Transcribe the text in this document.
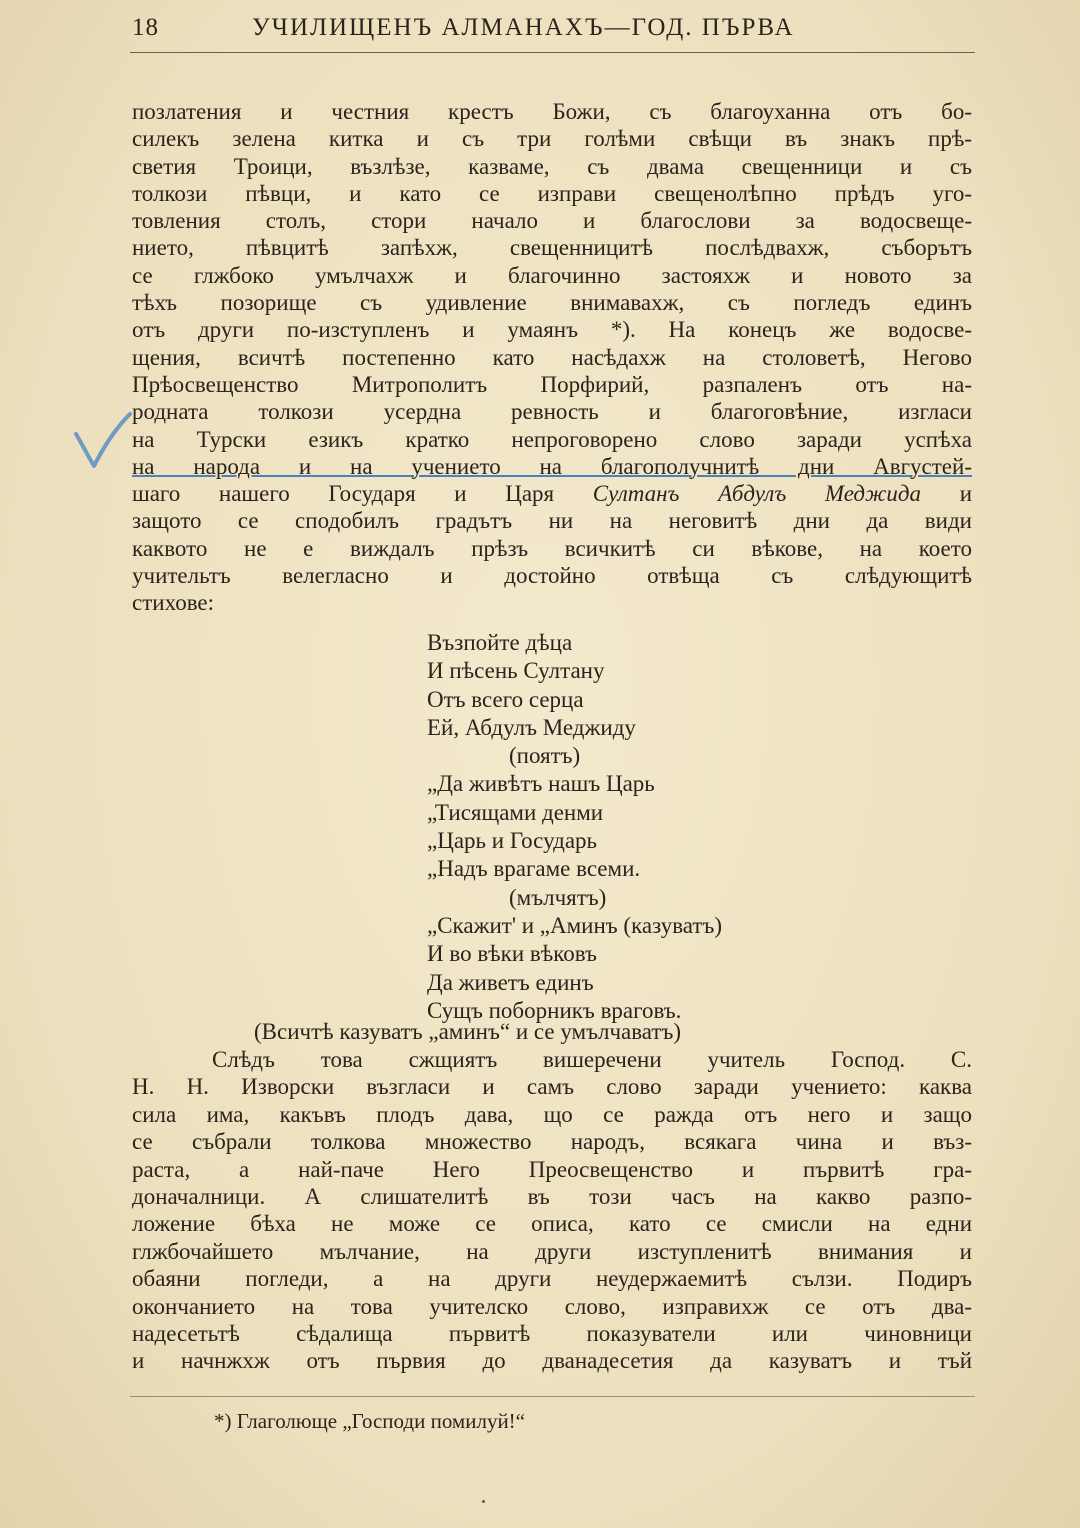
18	УЧИЛИЩЕНЪ АЛМАНАХЪ—ГОД. ПЪРВА
позлатения и честния крестъ Божи, съ благоуханна отъ бо-
силекъ зелена китка и съ три голѣми свѣщи въ знакъ прѣ-
светия Троици, възлѣзе, казваме, съ двама свещенници и съ
толкози пѣвци, и като се изправи свещенолѣпно прѣдъ уго-
товления столъ, стори начало и благослови за водосвеще-
нието, пѣвцитѣ запѣхж, свещенницитѣ послѣдвахж, съборътъ
се глжбоко умълчахж и благочинно застояхж и новото за
тѣхъ позорище съ удивление внимавахж, съ погледъ единъ
отъ други по-изступленъ и умаянъ *). На конецъ же водосве-
щения, всичтѣ постепенно като насѣдахж на столоветѣ, Негово
Прѣосвещенство Митрополитъ Порфирий, разпаленъ отъ на-
родната толкози усердна ревность и благоговѣние, изгласи
на Турски езикъ кратко непроговорено слово заради успѣха
на народа и на учението на благополучнитѣ дни Августей-
шаго нашего Государя и Царя Султанъ Абдулъ Меджида и
защото се сподобилъ градътъ ни на неговитѣ дни да види
каквото не е виждалъ прѣзъ всичкитѣ си вѣкове, на което
учительтъ велегласно и достойно отвѣща съ слѣдующитѣ
стихове:
Възпойте дѣца
И пѣсень Султану
Отъ всего серца
Ей, Абдулъ Меджиду
(поятъ)
„Да живѣтъ нашъ Царь
„Тисящами денми
„Царь и Государь
„Надъ врагаме всеми.
(мълчятъ)
„Скажит' и „Аминъ (казуватъ)
И во вѣки вѣковъ
Да живетъ единъ
Сущъ поборникъ враговъ.
(Всичтѣ казуватъ „аминъ“ и се умълчаватъ)
Слѣдъ това сжщиятъ вишеречени учитель Господ. С.
Н. Н. Изворски възгласи и самъ слово заради учението: каква
сила има, какъвъ плодъ дава, що се ражда отъ него и защо
се събрали толкова множество народъ, всякага чина и въз-
раста, а най-паче Него Преосвещенство и първитѣ гра-
доначалници. А слишателитѣ въ този часъ на какво разпо-
ложение бѣха не може се описа, като се смисли на едни
глжбочайшето мълчание, на други изступленитѣ внимания и
обаяни погледи, а на други неудержаемитѣ сълзи. Подиръ
окончанието на това учителско слово, изправихж се отъ два-
надесетьтѣ сѣдалища първитѣ показуватели или чиновници
и начнжхж отъ първия до дванадесетия да казуватъ и тъй
*) Глаголюще „Господи помилуй!“
